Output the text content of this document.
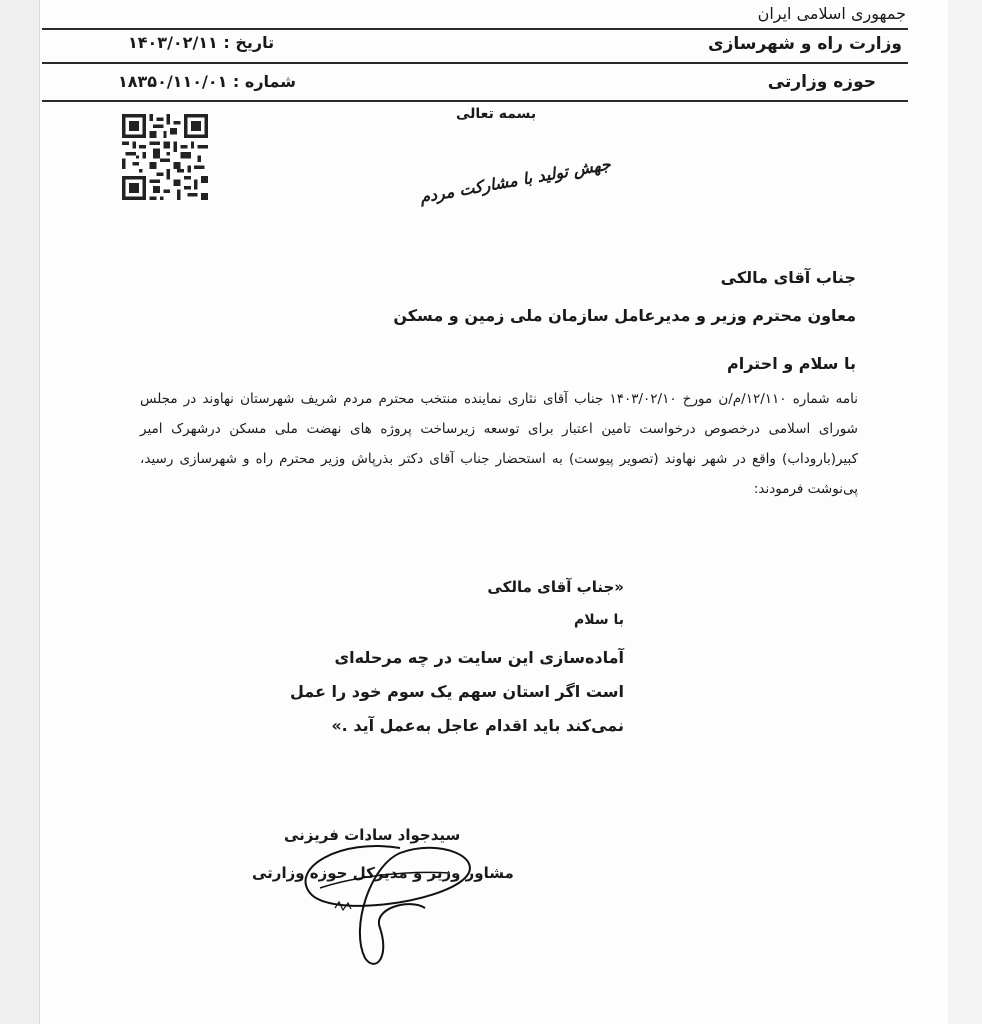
جمهوری اسلامی ایران
وزارت راه و شهرسازی
تاریخ : ۱۴۰۳/۰۲/۱۱
حوزه وزارتی
شماره : ۱۸۳۵۰/۱۱۰/۰۱
بسمه تعالی
جهش تولید با مشارکت مردم
جناب آقای مالکی
معاون محترم وزیر و مدیرعامل سازمان ملی زمین و مسکن
با سلام و احترام
نامه شماره ۱۲/۱۱۰/م/ن مورخ ۱۴۰۳/۰۲/۱۰ جناب آقای نثاری نماینده منتخب محترم مردم شریف شهرستان نهاوند در مجلس شورای اسلامی درخصوص درخواست تامین اعتبار برای توسعه زیرساخت پروژه های نهضت ملی مسکن درشهرک امیر کبیر(باروداب) واقع در شهر نهاوند (تصویر پیوست) به استحضار جناب آقای دکتر بذرپاش وزیر محترم راه و شهرسازی رسید، پی‌نوشت فرمودند:
«جناب آقای مالکی
با سلام
آماده‌سازی این سایت در چه مرحله‌ای
است اگر استان سهم یک سوم خود را عمل
نمی‌کند باید اقدام عاجل به‌عمل آید .»
سیدجواد سادات فریزنی
مشاور وزیر و مدیرکل حوزه وزارتی
